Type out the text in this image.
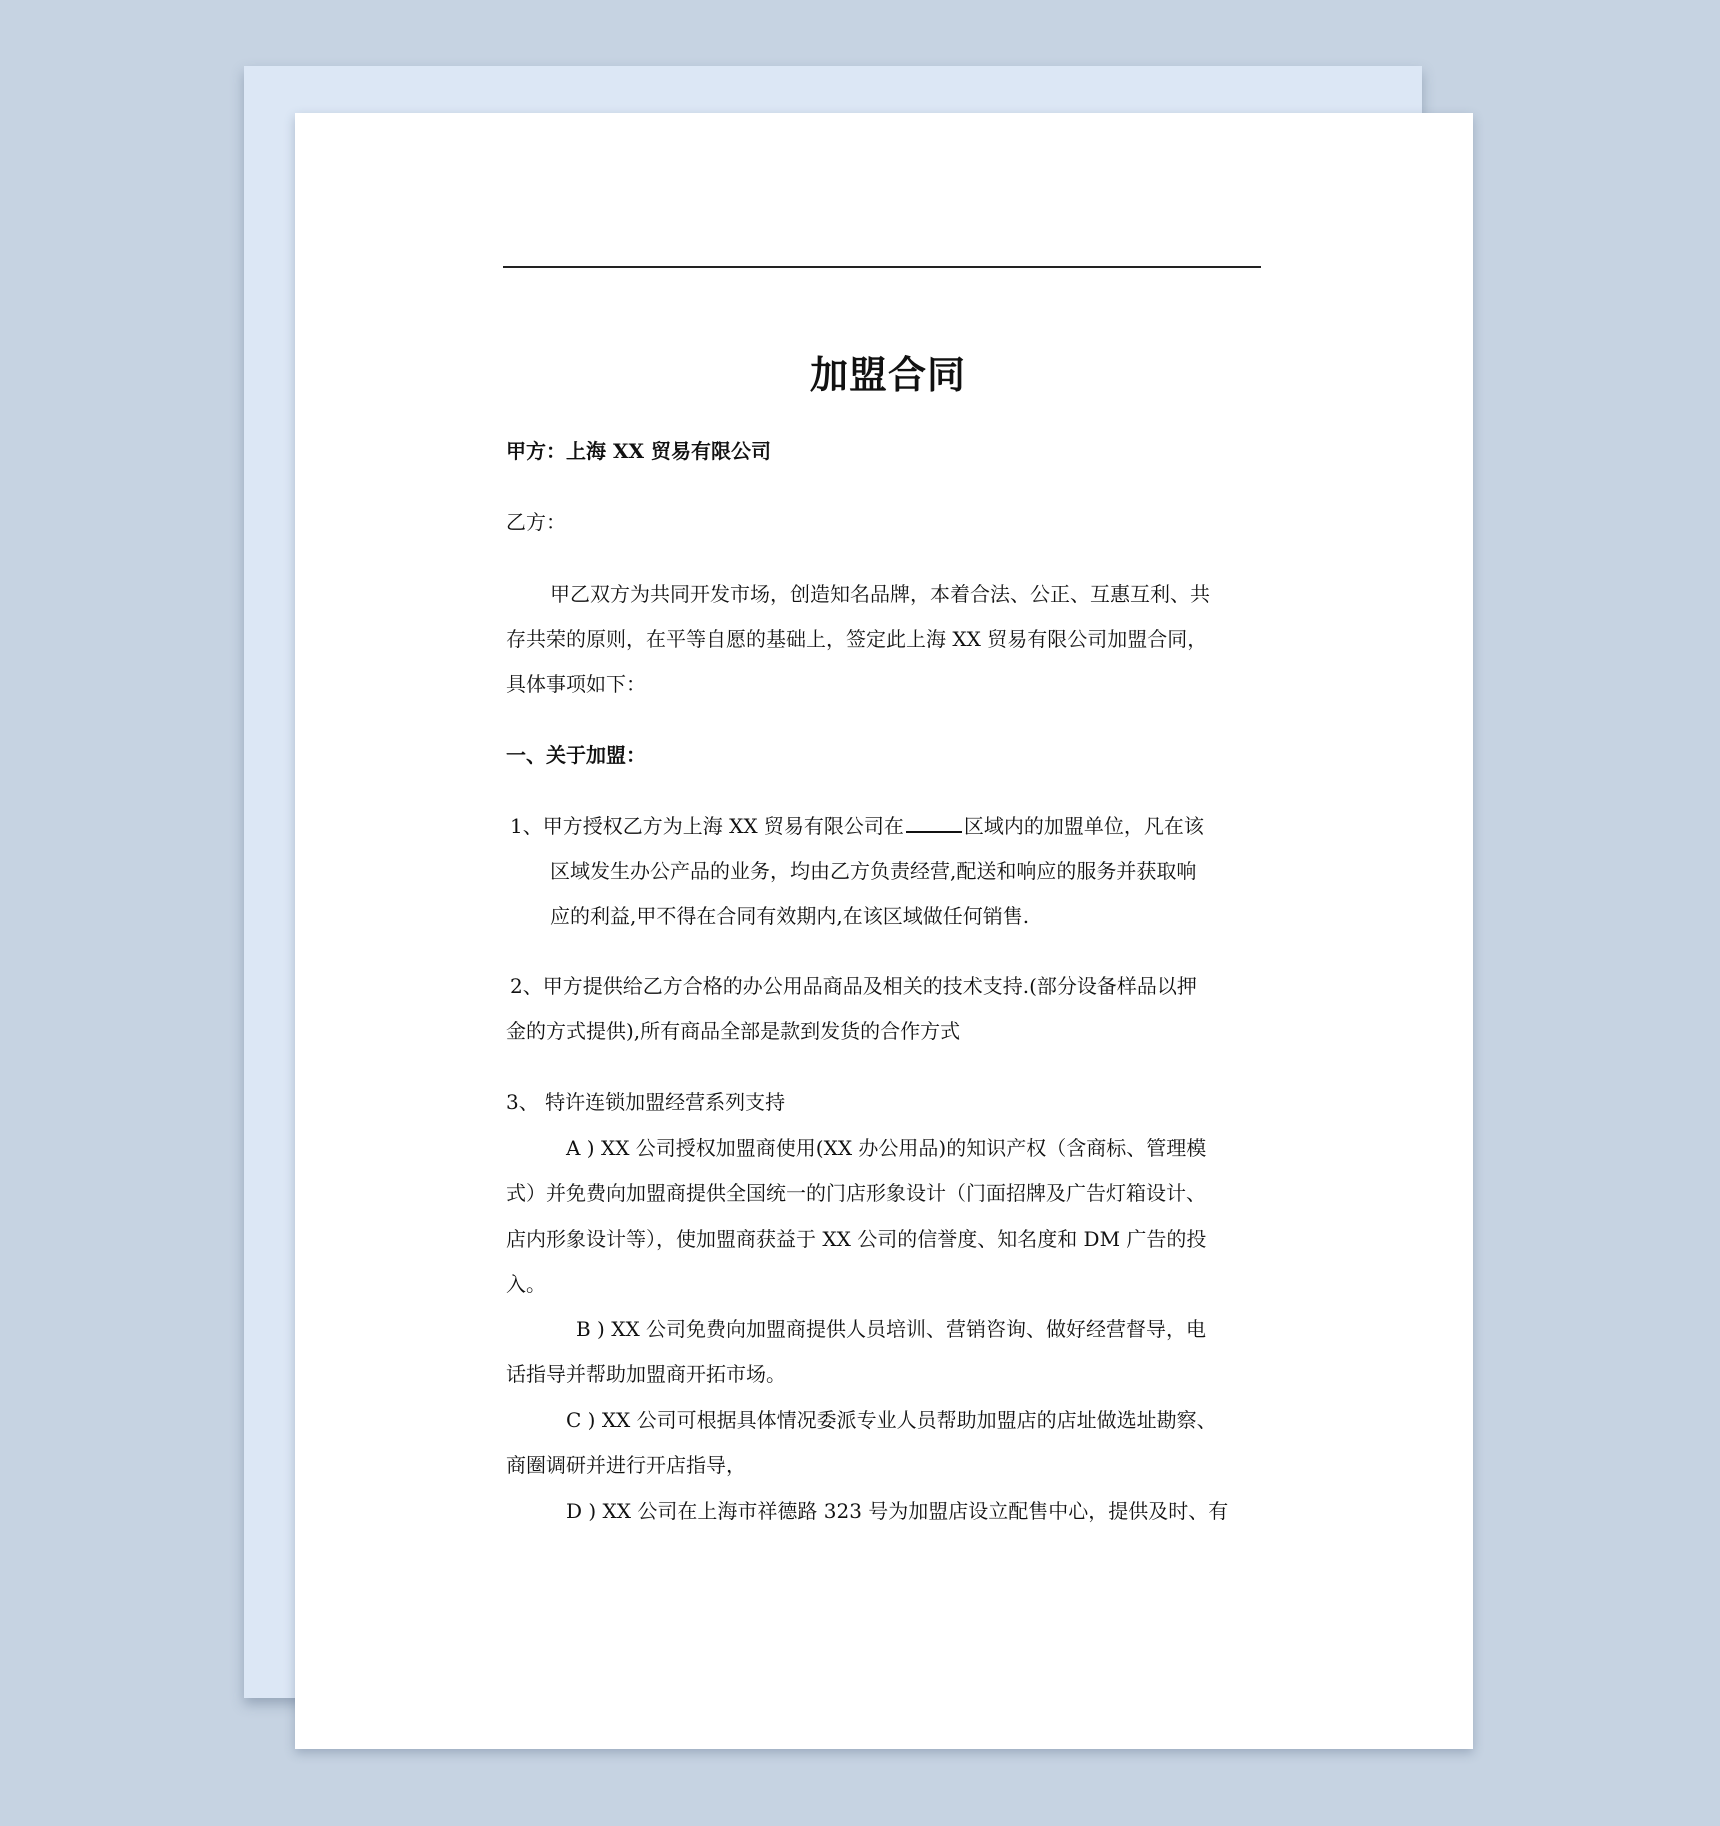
加盟合同
甲方：上海 XX 贸易有限公司
乙方：
甲乙双方为共同开发市场，创造知名品牌，本着合法、公正、互惠互利、共
存共荣的原则，在平等自愿的基础上，签定此上海 XX 贸易有限公司加盟合同，
具体事项如下：
一、关于加盟：
1、甲方授权乙方为上海 XX 贸易有限公司在	区域内的加盟单位，凡在该
区域发生办公产品的业务，均由乙方负责经营,配送和响应的服务并获取响
应的利益,甲不得在合同有效期内,在该区域做任何销售.
2、甲方提供给乙方合格的办公用品商品及相关的技术支持.(部分设备样品以押
金的方式提供),所有商品全部是款到发货的合作方式
3、 特许连锁加盟经营系列支持
A ) XX 公司授权加盟商使用(XX 办公用品)的知识产权（含商标、管理模
式）并免费向加盟商提供全国统一的门店形象设计（门面招牌及广告灯箱设计、
店内形象设计等），使加盟商获益于 XX 公司的信誉度、知名度和 DM 广告的投
入。
B ) XX 公司免费向加盟商提供人员培训、营销咨询、做好经营督导，电
话指导并帮助加盟商开拓市场。
C ) XX 公司可根据具体情况委派专业人员帮助加盟店的店址做选址勘察、
商圈调研并进行开店指导，
D ) XX 公司在上海市祥德路 323 号为加盟店设立配售中心，提供及时、有
